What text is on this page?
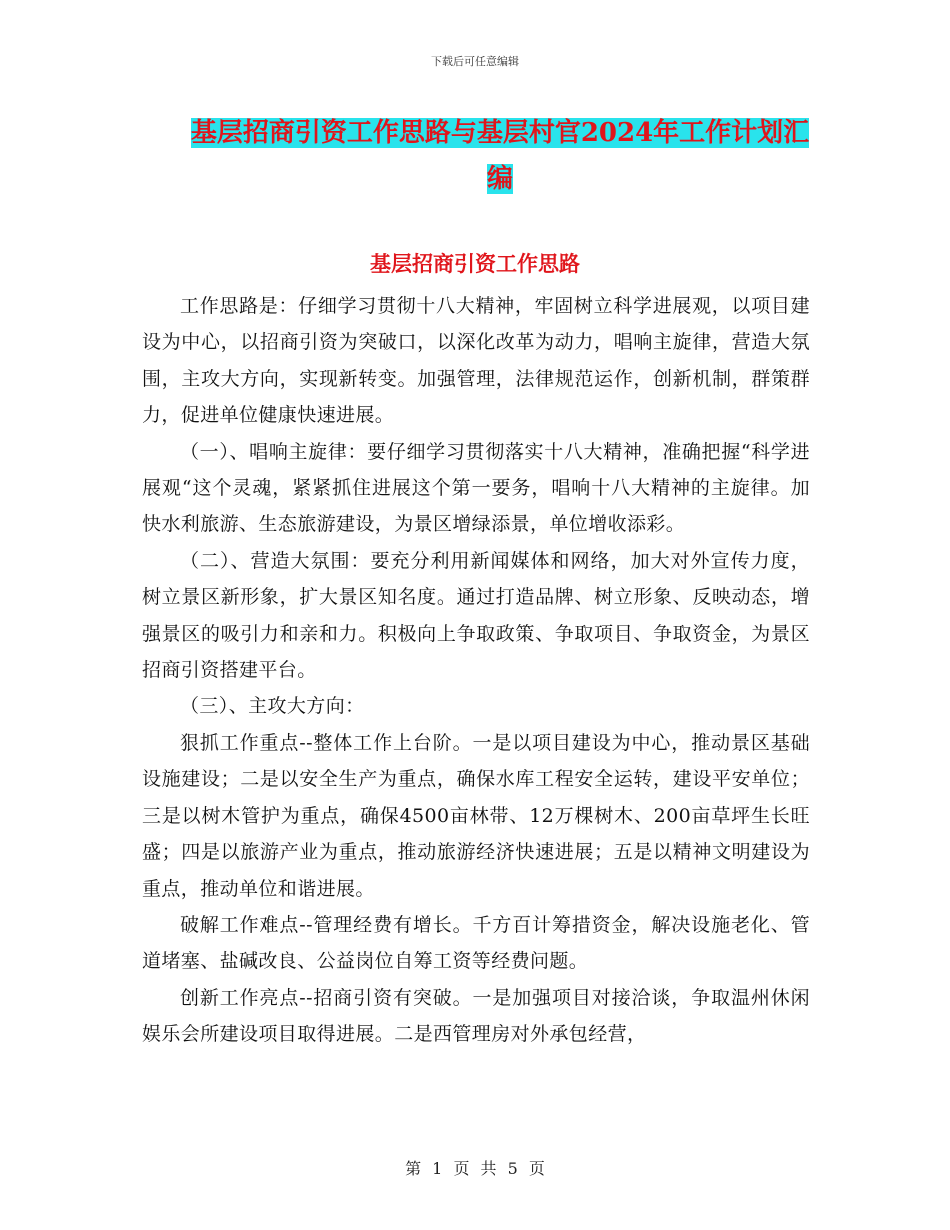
下载后可任意编辑
基层招商引资工作思路与基层村官2024年工作计划汇
编
基层招商引资工作思路

工作思路是：仔细学习贯彻十八大精神，牢固树立科学进展观，以项目建设为中心，以招商引资为突破口，以深化改革为动力，唱响主旋律，营造大氛围，主攻大方向，实现新转变。加强管理，法律规范运作，创新机制，群策群力，促进单位健康快速进展。

（一）、唱响主旋律：要仔细学习贯彻落实十八大精神，准确把握“科学进展观“这个灵魂，紧紧抓住进展这个第一要务，唱响十八大精神的主旋律。加快水利旅游、生态旅游建设，为景区增绿添景，单位增收添彩。

（二）、营造大氛围：要充分利用新闻媒体和网络，加大对外宣传力度，树立景区新形象，扩大景区知名度。通过打造品牌、树立形象、反映动态，增强景区的吸引力和亲和力。积极向上争取政策、争取项目、争取资金，为景区招商引资搭建平台。

（三）、主攻大方向：

狠抓工作重点--整体工作上台阶。一是以项目建设为中心，推动景区基础设施建设；二是以安全生产为重点，确保水库工程安全运转，建设平安单位；三是以树木管护为重点，确保4500亩林带、12万棵树木、200亩草坪生长旺盛；四是以旅游产业为重点，推动旅游经济快速进展；五是以精神文明建设为重点，推动单位和谐进展。

破解工作难点--管理经费有增长。千方百计筹措资金，解决设施老化、管道堵塞、盐碱改良、公益岗位自筹工资等经费问题。

创新工作亮点--招商引资有突破。一是加强项目对接洽谈，争取温州休闲娱乐会所建设项目取得进展。二是西管理房对外承包经营，

第 1 页 共 5 页
